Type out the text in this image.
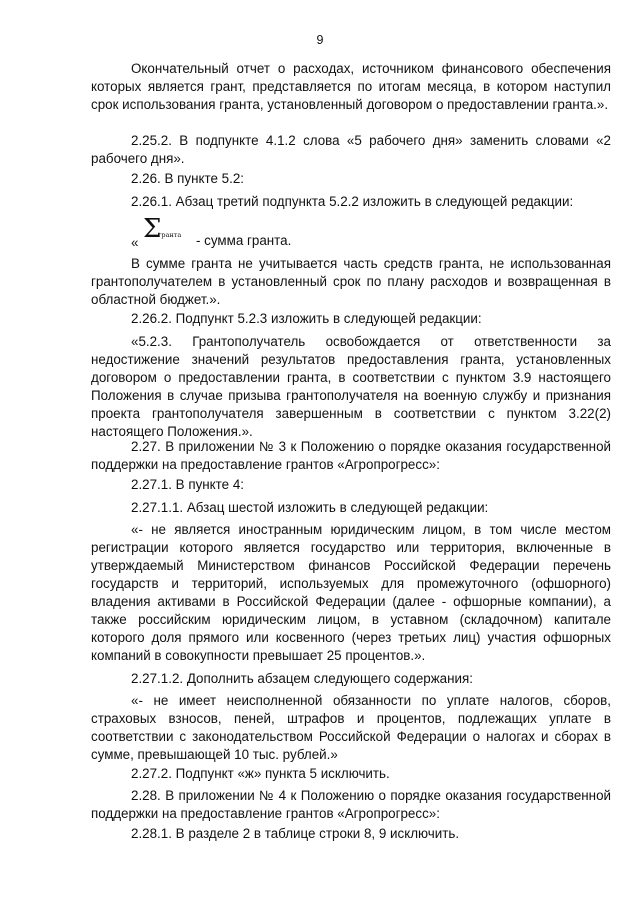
9

Окончательный отчет о расходах, источником финансового обеспечения которых является грант, представляется по итогам месяца, в котором наступил срок использования гранта, установленный договором о предоставлении гранта.».

2.25.2. В подпункте 4.1.2 слова «5 рабочего дня» заменить словами «2 рабочего дня».

2.26. В пункте 5.2:

2.26.1. Абзац третий подпункта 5.2.2 изложить в следующей редакции:

« Σ
гранта - сумма гранта.

В сумме гранта не учитывается часть средств гранта, не использованная грантополучателем в установленный срок по плану расходов и возвращенная в областной бюджет.».

2.26.2. Подпункт 5.2.3 изложить в следующей редакции:

«5.2.3. Грантополучатель освобождается от ответственности за недостижение значений результатов предоставления гранта, установленных договором о предоставлении гранта, в соответствии с пунктом 3.9 настоящего Положения в случае призыва грантополучателя на военную службу и признания проекта грантополучателя завершенным в соответствии с пунктом 3.22(2) настоящего Положения.».

2.27. В приложении № 3 к Положению о порядке оказания государственной поддержки на предоставление грантов «Агропрогресс»:

2.27.1. В пункте 4:

2.27.1.1. Абзац шестой изложить в следующей редакции:

«- не является иностранным юридическим лицом, в том числе местом регистрации которого является государство или территория, включенные в утверждаемый Министерством финансов Российской Федерации перечень государств и территорий, используемых для промежуточного (офшорного) владения активами в Российской Федерации (далее - офшорные компании), а также российским юридическим лицом, в уставном (складочном) капитале которого доля прямого или косвенного (через третьих лиц) участия офшорных компаний в совокупности превышает 25 процентов.».

2.27.1.2. Дополнить абзацем следующего содержания:

«- не имеет неисполненной обязанности по уплате налогов, сборов, страховых взносов, пеней, штрафов и процентов, подлежащих уплате в соответствии с законодательством Российской Федерации о налогах и сборах в сумме, превышающей 10 тыс. рублей.»

2.27.2. Подпункт «ж» пункта 5 исключить.

2.28. В приложении № 4 к Положению о порядке оказания государственной поддержки на предоставление грантов «Агропрогресс»:

2.28.1. В разделе 2 в таблице строки 8, 9 исключить.
